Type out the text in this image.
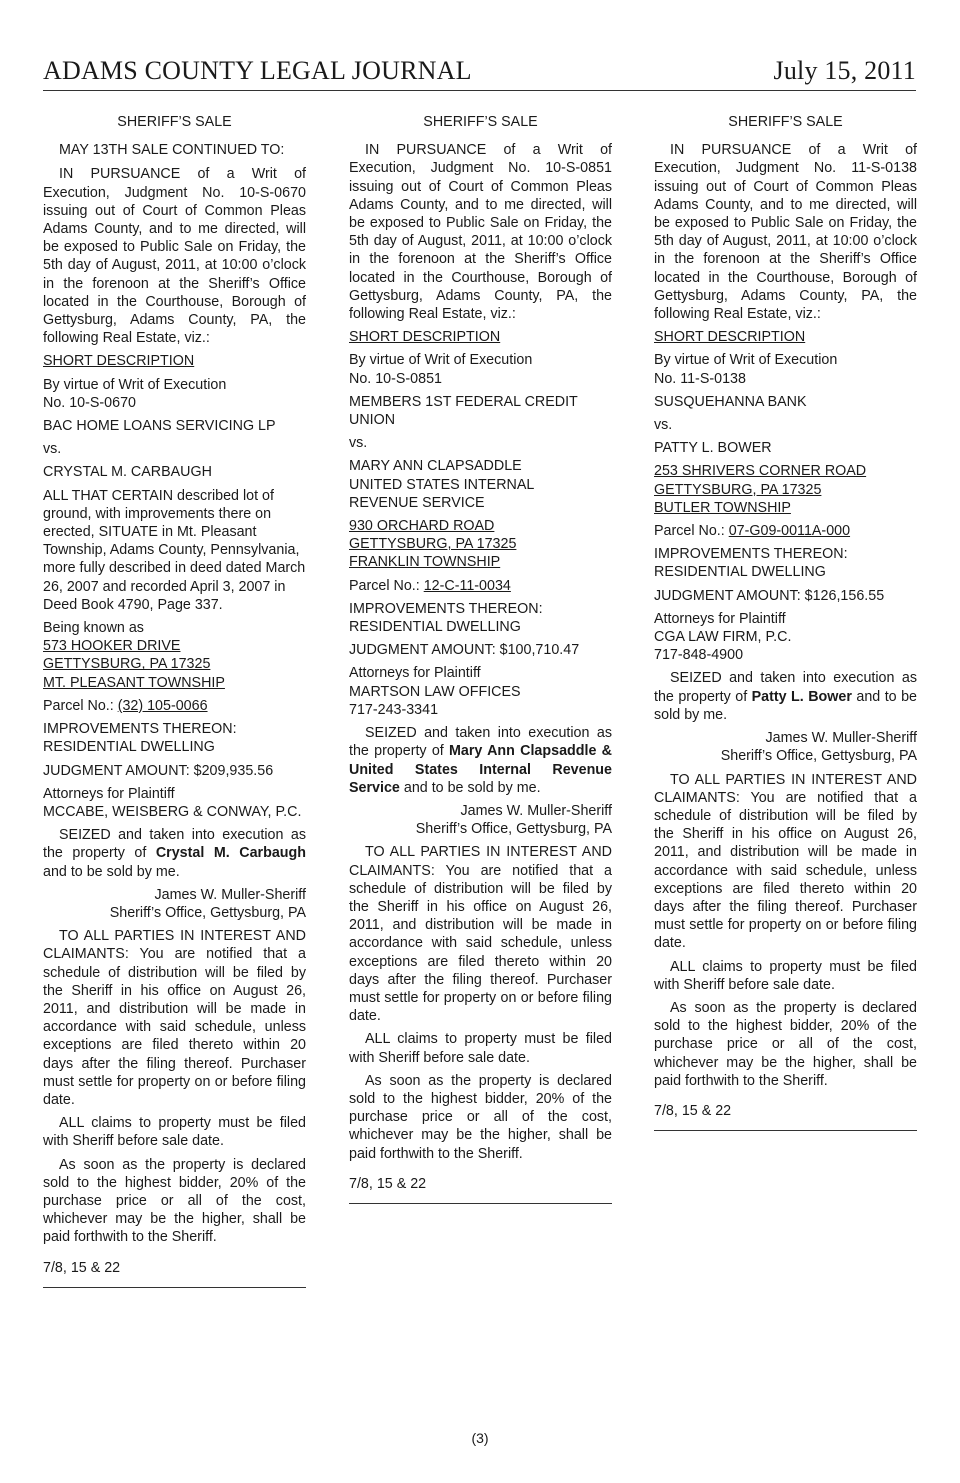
ADAMS COUNTY LEGAL JOURNAL	July 15, 2011

SHERIFF’S SALE

MAY 13TH SALE CONTINUED TO:

IN PURSUANCE of a Writ of Execution, Judgment No. 10-S-0670 issuing out of Court of Common Pleas Adams County, and to me directed, will be exposed to Public Sale on Friday, the 5th day of August, 2011, at 10:00 o’clock in the forenoon at the Sheriff’s Office located in the Courthouse, Borough of Gettysburg, Adams County, PA, the following Real Estate, viz.:

SHORT DESCRIPTION

By virtue of Writ of Execution
No. 10-S-0670

BAC HOME LOANS SERVICING LP

vs.

CRYSTAL M. CARBAUGH

ALL THAT CERTAIN described lot of ground, with improvements there on erected, SITUATE in Mt. Pleasant Township, Adams County, Pennsylvania, more fully described in deed dated March 26, 2007 and recorded April 3, 2007 in Deed Book 4790, Page 337.

Being known as
573 HOOKER DRIVE
GETTYSBURG, PA 17325
MT. PLEASANT TOWNSHIP

Parcel No.: (32) 105-0066

IMPROVEMENTS THEREON:
RESIDENTIAL DWELLING

JUDGMENT AMOUNT: $209,935.56

Attorneys for Plaintiff
MCCABE, WEISBERG & CONWAY, P.C.

SEIZED and taken into execution as the property of Crystal M. Carbaugh and to be sold by me.

James W. Muller-Sheriff

Sheriff’s Office, Gettysburg, PA

TO ALL PARTIES IN INTEREST AND CLAIMANTS: You are notified that a schedule of distribution will be filed by the Sheriff in his office on August 26, 2011, and distribution will be made in accordance with said schedule, unless exceptions are filed thereto within 20 days after the filing thereof. Purchaser must settle for property on or before filing date.

ALL claims to property must be filed with Sheriff before sale date.

As soon as the property is declared sold to the highest bidder, 20% of the purchase price or all of the cost, whichever may be the higher, shall be paid forthwith to the Sheriff.

7/8, 15 & 22

SHERIFF’S SALE

IN PURSUANCE of a Writ of Execution, Judgment No. 10-S-0851 issuing out of Court of Common Pleas Adams County, and to me directed, will be exposed to Public Sale on Friday, the 5th day of August, 2011, at 10:00 o’clock in the forenoon at the Sheriff’s Office located in the Courthouse, Borough of Gettysburg, Adams County, PA, the following Real Estate, viz.:

SHORT DESCRIPTION

By virtue of Writ of Execution
No. 10-S-0851

MEMBERS 1ST FEDERAL CREDIT UNION

vs.

MARY ANN CLAPSADDLE
UNITED STATES INTERNAL
REVENUE SERVICE

930 ORCHARD ROAD
GETTYSBURG, PA 17325
FRANKLIN TOWNSHIP

Parcel No.: 12-C-11-0034

IMPROVEMENTS THEREON:
RESIDENTIAL DWELLING

JUDGMENT AMOUNT: $100,710.47

Attorneys for Plaintiff
MARTSON LAW OFFICES
717-243-3341

SEIZED and taken into execution as the property of Mary Ann Clapsaddle & United States Internal Revenue Service and to be sold by me.

James W. Muller-Sheriff

Sheriff’s Office, Gettysburg, PA

TO ALL PARTIES IN INTEREST AND CLAIMANTS: You are notified that a schedule of distribution will be filed by the Sheriff in his office on August 26, 2011, and distribution will be made in accordance with said schedule, unless exceptions are filed thereto within 20 days after the filing thereof. Purchaser must settle for property on or before filing date.

ALL claims to property must be filed with Sheriff before sale date.

As soon as the property is declared sold to the highest bidder, 20% of the purchase price or all of the cost, whichever may be the higher, shall be paid forthwith to the Sheriff.

7/8, 15 & 22

SHERIFF’S SALE

IN PURSUANCE of a Writ of Execution, Judgment No. 11-S-0138 issuing out of Court of Common Pleas Adams County, and to me directed, will be exposed to Public Sale on Friday, the 5th day of August, 2011, at 10:00 o’clock in the forenoon at the Sheriff’s Office located in the Courthouse, Borough of Gettysburg, Adams County, PA, the following Real Estate, viz.:

SHORT DESCRIPTION

By virtue of Writ of Execution
No. 11-S-0138

SUSQUEHANNA BANK

vs.

PATTY L. BOWER

253 SHRIVERS CORNER ROAD
GETTYSBURG, PA 17325
BUTLER TOWNSHIP

Parcel No.: 07-G09-0011A-000

IMPROVEMENTS THEREON:
RESIDENTIAL DWELLING

JUDGMENT AMOUNT: $126,156.55

Attorneys for Plaintiff
CGA LAW FIRM, P.C.
717-848-4900

SEIZED and taken into execution as the property of Patty L. Bower and to be sold by me.

James W. Muller-Sheriff

Sheriff’s Office, Gettysburg, PA

TO ALL PARTIES IN INTEREST AND CLAIMANTS: You are notified that a schedule of distribution will be filed by the Sheriff in his office on August 26, 2011, and distribution will be made in accordance with said schedule, unless exceptions are filed thereto within 20 days after the filing thereof. Purchaser must settle for property on or before filing date.

ALL claims to property must be filed with Sheriff before sale date.

As soon as the property is declared sold to the highest bidder, 20% of the purchase price or all of the cost, whichever may be the higher, shall be paid forthwith to the Sheriff.

7/8, 15 & 22

(3)
